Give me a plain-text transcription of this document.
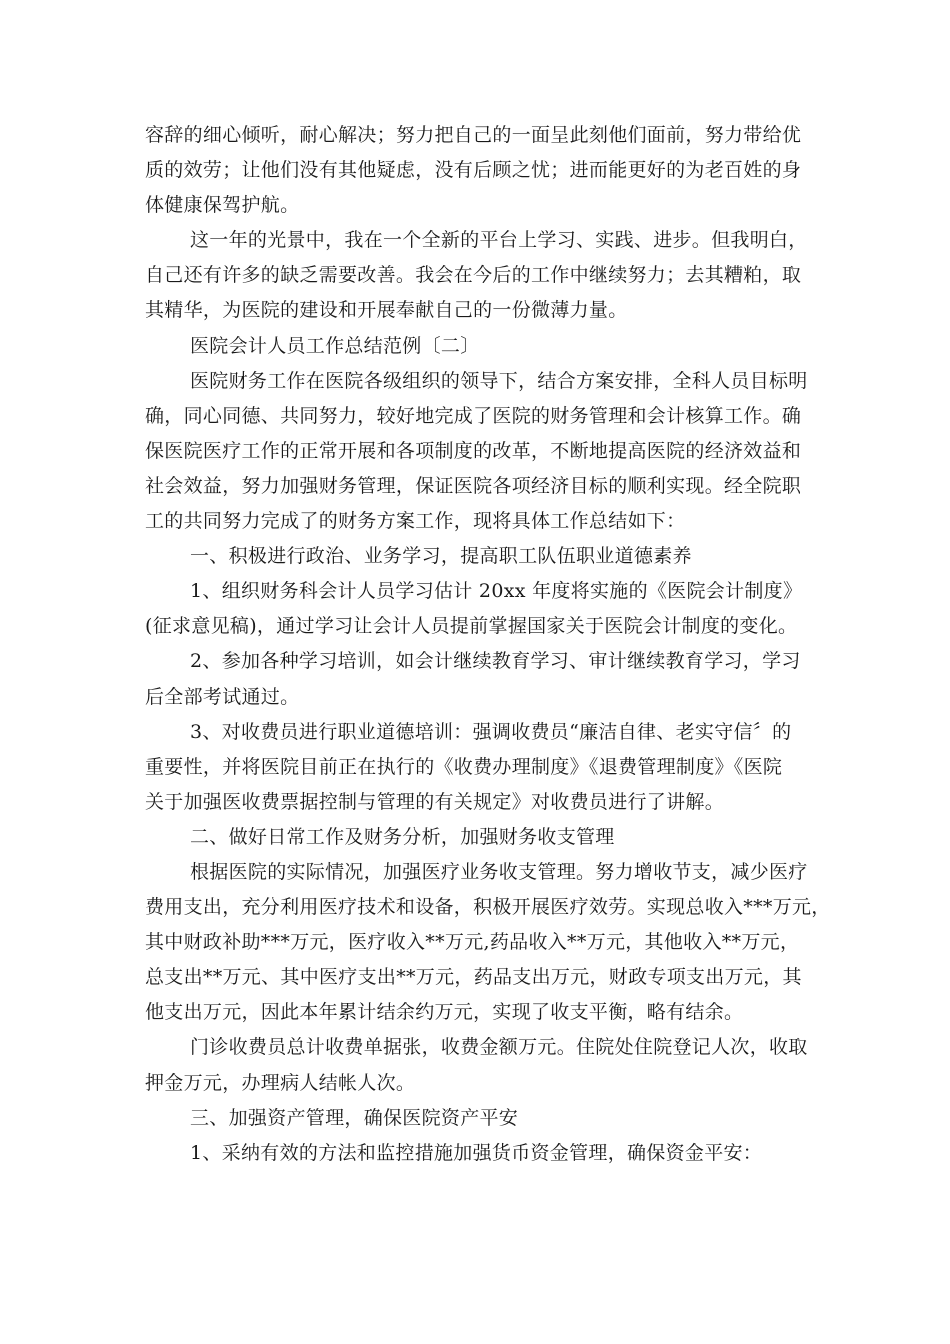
容辞的细心倾听，耐心解决；努力把自己的一面呈此刻他们面前，努力带给优
质的效劳；让他们没有其他疑虑，没有后顾之忧；进而能更好的为老百姓的身
体健康保驾护航。
这一年的光景中，我在一个全新的平台上学习、实践、进步。但我明白，
自己还有许多的缺乏需要改善。我会在今后的工作中继续努力；去其糟粕，取
其精华，为医院的建设和开展奉献自己的一份微薄力量。
医院会计人员工作总结范例〔二〕
医院财务工作在医院各级组织的领导下，结合方案安排，全科人员目标明
确，同心同德、共同努力，较好地完成了医院的财务管理和会计核算工作。确
保医院医疗工作的正常开展和各项制度的改革，不断地提高医院的经济效益和
社会效益，努力加强财务管理，保证医院各项经济目标的顺利实现。经全院职
工的共同努力完成了的财务方案工作，现将具体工作总结如下：
一、积极进行政治、业务学习，提高职工队伍职业道德素养
1、组织财务科会计人员学习估计 20xx 年度将实施的《医院会计制度》
(征求意见稿)，通过学习让会计人员提前掌握国家关于医院会计制度的变化。
2、参加各种学习培训，如会计继续教育学习、审计继续教育学习，学习
后全部考试通过。
3、对收费员进行职业道德培训：强调收费员“廉洁自律、老实守信〞的
重要性，并将医院目前正在执行的《收费办理制度》《退费管理制度》《医院
关于加强医收费票据控制与管理的有关规定》对收费员进行了讲解。
二、做好日常工作及财务分析，加强财务收支管理
根据医院的实际情况，加强医疗业务收支管理。努力增收节支，减少医疗
费用支出，充分利用医疗技术和设备，积极开展医疗效劳。实现总收入***万元，
其中财政补助***万元，医疗收入**万元,药品收入**万元，其他收入**万元，
总支出**万元、其中医疗支出**万元，药品支出万元，财政专项支出万元，其
他支出万元，因此本年累计结余约万元，实现了收支平衡，略有结余。
门诊收费员总计收费单据张，收费金额万元。住院处住院登记人次，收取
押金万元，办理病人结帐人次。
三、加强资产管理，确保医院资产平安
1、采纳有效的方法和监控措施加强货币资金管理，确保资金平安：
